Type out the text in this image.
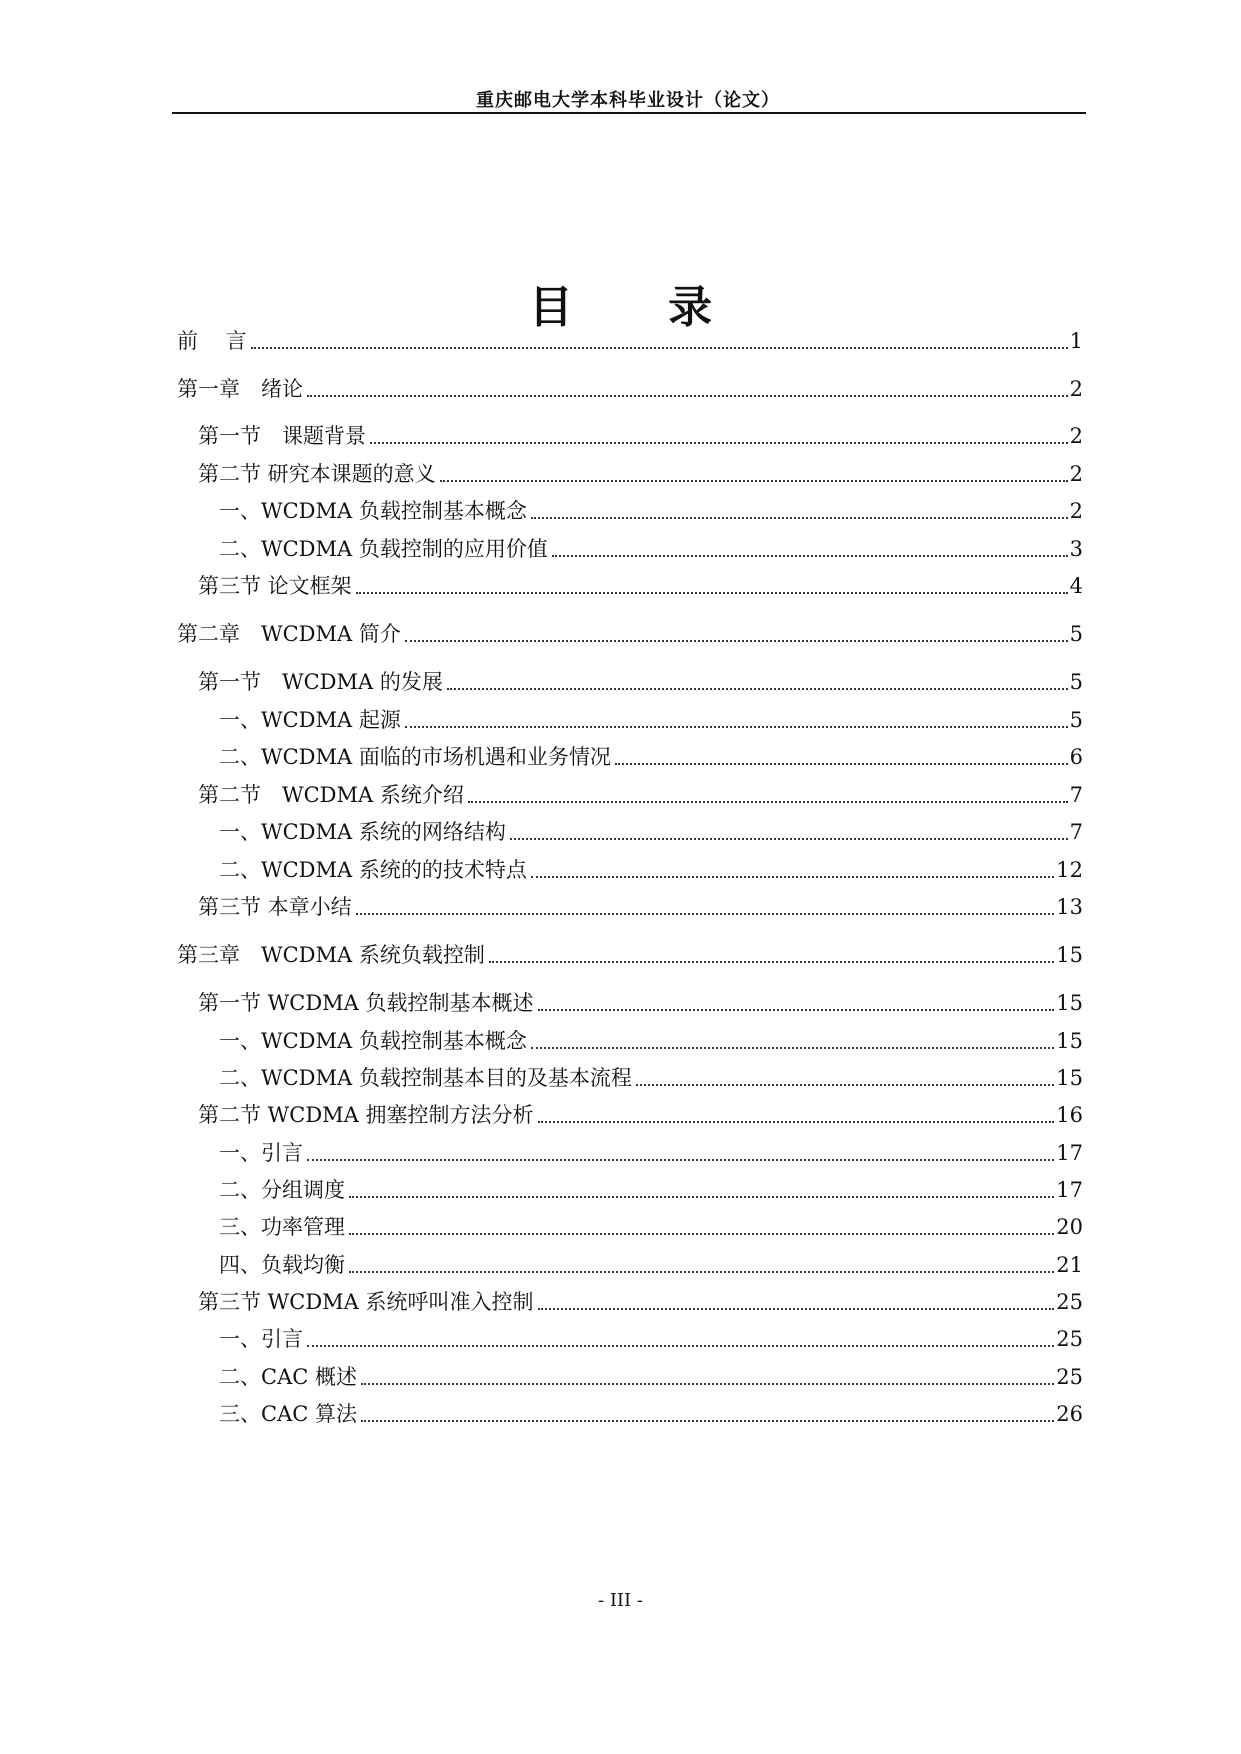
重庆邮电大学本科毕业设计（论文）
目 录
前　 言	1
第一章　绪论	2
第一节　课题背景	2
第二节 研究本课题的意义	2
一、WCDMA 负载控制基本概念	2
二、WCDMA 负载控制的应用价值	3
第三节 论文框架	4
第二章　WCDMA 简介	5
第一节　WCDMA 的发展	5
一、WCDMA 起源	5
二、WCDMA 面临的市场机遇和业务情况	6
第二节　WCDMA 系统介绍	7
一、WCDMA 系统的网络结构	7
二、WCDMA 系统的的技术特点	12
第三节 本章小结	13
第三章　WCDMA 系统负载控制	15
第一节 WCDMA 负载控制基本概述	15
一、WCDMA 负载控制基本概念	15
二、WCDMA 负载控制基本目的及基本流程	15
第二节 WCDMA 拥塞控制方法分析	16
一、引言	17
二、分组调度	17
三、功率管理	20
四、负载均衡	21
第三节 WCDMA 系统呼叫准入控制	25
一、引言	25
二、CAC 概述	25
三、CAC 算法	26
- III -
